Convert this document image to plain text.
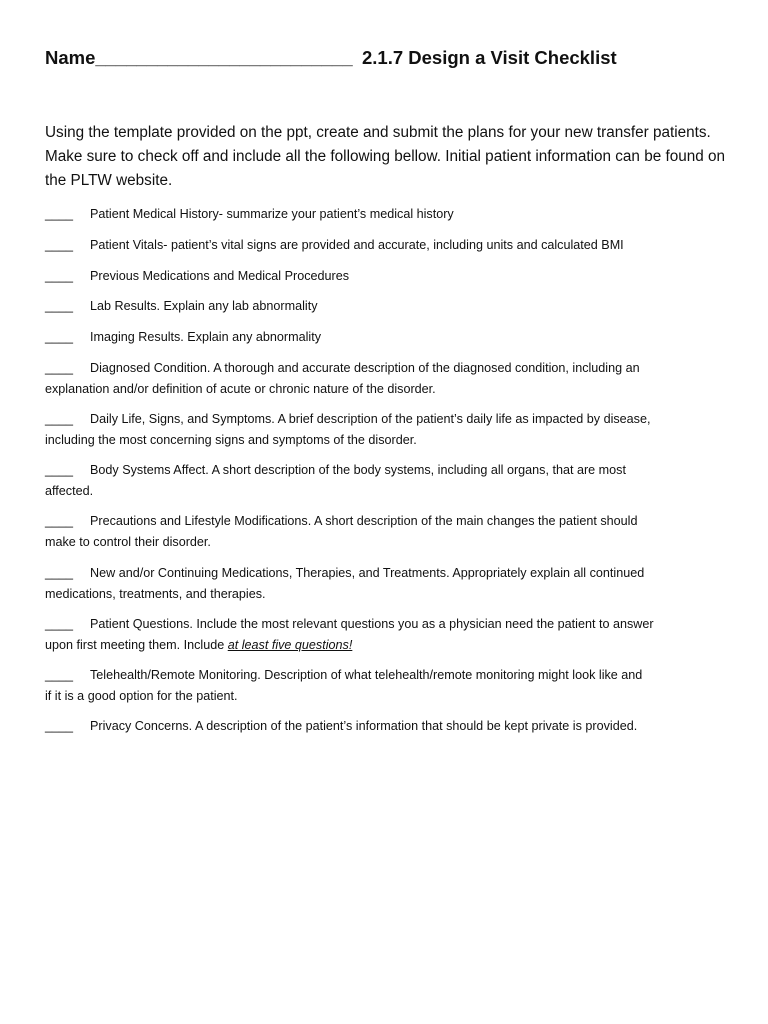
Name_________________________ 2.1.7 Design a Visit Checklist
Using the template provided on the ppt, create and submit the plans for your new transfer patients. Make sure to check off and include all the following bellow. Initial patient information can be found on the PLTW website.
____ Patient Medical History- summarize your patient’s medical history
____ Patient Vitals- patient’s vital signs are provided and accurate, including units and calculated BMI
____ Previous Medications and Medical Procedures
____ Lab Results. Explain any lab abnormality
____ Imaging Results. Explain any abnormality
____ Diagnosed Condition. A thorough and accurate description of the diagnosed condition, including an
explanation and/or definition of acute or chronic nature of the disorder.
____ Daily Life, Signs, and Symptoms. A brief description of the patient’s daily life as impacted by disease,
including the most concerning signs and symptoms of the disorder.
____ Body Systems Affect. A short description of the body systems, including all organs, that are most
affected.
____ Precautions and Lifestyle Modifications. A short description of the main changes the patient should
make to control their disorder.
____ New and/or Continuing Medications, Therapies, and Treatments. Appropriately explain all continued
medications, treatments, and therapies.
____ Patient Questions. Include the most relevant questions you as a physician need the patient to answer
upon first meeting them. Include at least five questions!
____ Telehealth/Remote Monitoring. Description of what telehealth/remote monitoring might look like and
if it is a good option for the patient.
____ Privacy Concerns. A description of the patient’s information that should be kept private is provided.
